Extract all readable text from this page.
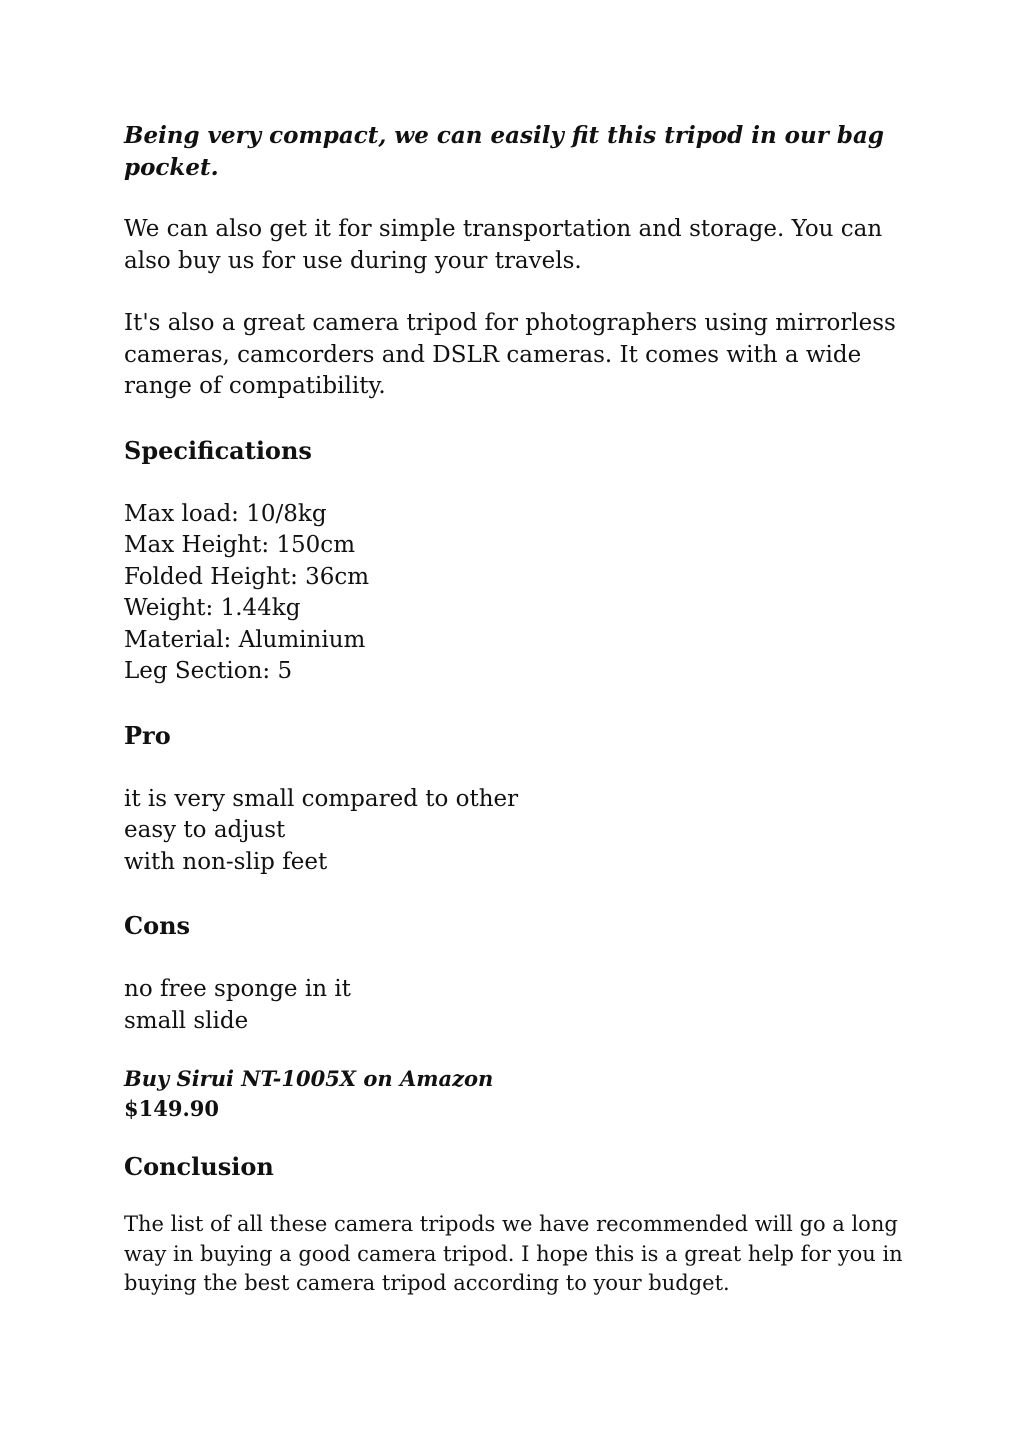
Being very compact, we can easily fit this tripod in our bag pocket.

We can also get it for simple transportation and storage. You can also buy us for use during your travels.

It's also a great camera tripod for photographers using mirrorless cameras, camcorders and DSLR cameras. It comes with a wide range of compatibility.

Specifications
Max load: 10/8kg
Max Height: 150cm
Folded Height: 36cm
Weight: 1.44kg
Material: Aluminium
Leg Section: 5
Pro
it is very small compared to other
easy to adjust
with non-slip feet
Cons
no free sponge in it
small slide

Buy Sirui NT-1005X on Amazon

$149.90

Conclusion

The list of all these camera tripods we have recommended will go a long way in buying a good camera tripod. I hope this is a great help for you in buying the best camera tripod according to your budget.
